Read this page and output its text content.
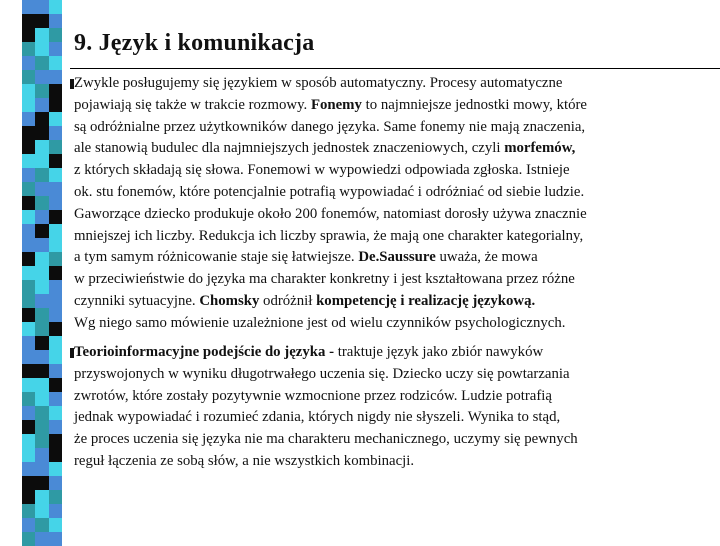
9. Język i komunikacja
Zwykle posługujemy się językiem w sposób automatyczny. Procesy automatyczne
pojawiają się także w trakcie rozmowy. Fonemy to najmniejsze jednostki mowy, które
są odróżnialne przez użytkowników danego języka. Same fonemy nie mają znaczenia,
ale stanowią budulec dla najmniejszych jednostek znaczeniowych, czyli morfemów,
z których składają się słowa. Fonemowi w wypowiedzi odpowiada zgłoska. Istnieje
ok. stu fonemów, które potencjalnie potrafią wypowiadać i odróżniać od siebie ludzie.
Gaworzące dziecko produkuje około 200 fonemów, natomiast dorosły używa znacznie
mniejszej ich liczby. Redukcja ich liczby sprawia, że mają one charakter kategorialny,
a tym samym różnicowanie staje się łatwiejsze. De.Saussure uważa, że mowa
w przeciwieństwie do języka ma charakter konkretny i jest kształtowana przez różne
czynniki sytuacyjne. Chomsky odróżnił kompetencję i realizację językową.
Wg niego samo mówienie uzależnione jest od wielu czynników psychologicznych.
Teorioinformacyjne podejście do języka - traktuje język jako zbiór nawyków
przyswojonych w wyniku długotrwałego uczenia się. Dziecko uczy się powtarzania
zwrotów, które zostały pozytywnie wzmocnione przez rodziców. Ludzie potrafią
jednak wypowiadać i rozumieć zdania, których nigdy nie słyszeli. Wynika to stąd,
że proces uczenia się języka nie ma charakteru mechanicznego, uczymy się pewnych
reguł łączenia ze sobą słów, a nie wszystkich kombinacji.
